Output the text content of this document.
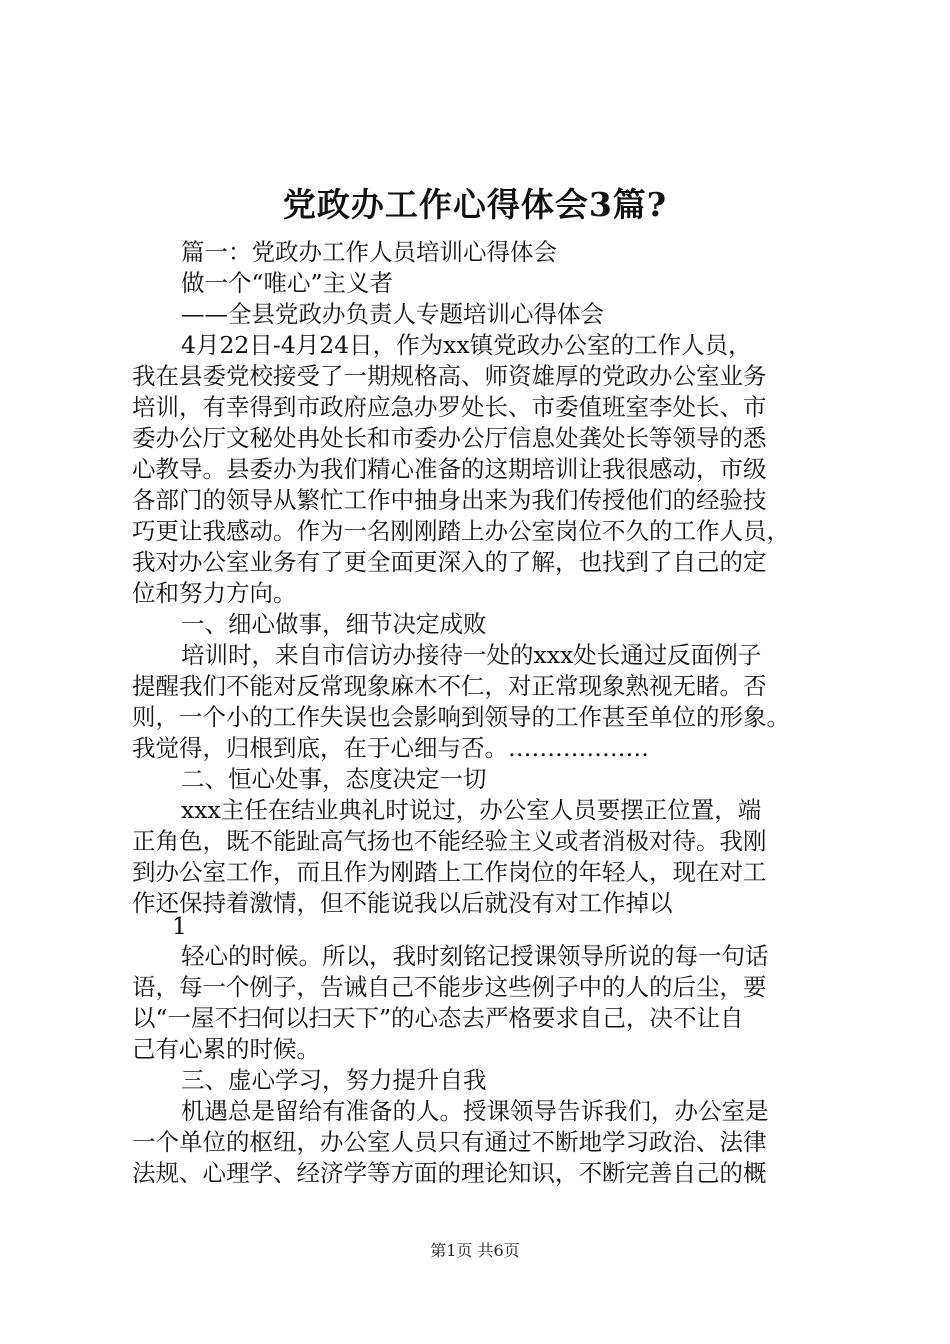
党政办工作心得体会3篇?
篇一：党政办工作人员培训心得体会
做一个“唯心”主义者
——全县党政办负责人专题培训心得体会
4月22日-4月24日，作为xx镇党政办公室的工作人员，
我在县委党校接受了一期规格高、师资雄厚的党政办公室业务
培训，有幸得到市政府应急办罗处长、市委值班室李处长、市
委办公厅文秘处冉处长和市委办公厅信息处龚处长等领导的悉
心教导。县委办为我们精心准备的这期培训让我很感动，市级
各部门的领导从繁忙工作中抽身出来为我们传授他们的经验技
巧更让我感动。作为一名刚刚踏上办公室岗位不久的工作人员，
我对办公室业务有了更全面更深入的了解，也找到了自己的定
位和努力方向。
一、细心做事，细节决定成败
培训时，来自市信访办接待一处的xxx处长通过反面例子
提醒我们不能对反常现象麻木不仁，对正常现象熟视无睹。否
则，一个小的工作失误也会影响到领导的工作甚至单位的形象。
我觉得，归根到底，在于心细与否。………………
二、恒心处事，态度决定一切
xxx主任在结业典礼时说过，办公室人员要摆正位置，端
正角色，既不能趾高气扬也不能经验主义或者消极对待。我刚
到办公室工作，而且作为刚踏上工作岗位的年轻人，现在对工
作还保持着激情，但不能说我以后就没有对工作掉以
1
轻心的时候。所以，我时刻铭记授课领导所说的每一句话
语，每一个例子，告诫自己不能步这些例子中的人的后尘，要
以“一屋不扫何以扫天下”的心态去严格要求自己，决不让自
己有心累的时候。
三、虚心学习，努力提升自我
机遇总是留给有准备的人。授课领导告诉我们，办公室是
一个单位的枢纽，办公室人员只有通过不断地学习政治、法律
法规、心理学、经济学等方面的理论知识，不断完善自己的概
第1页 共6页
